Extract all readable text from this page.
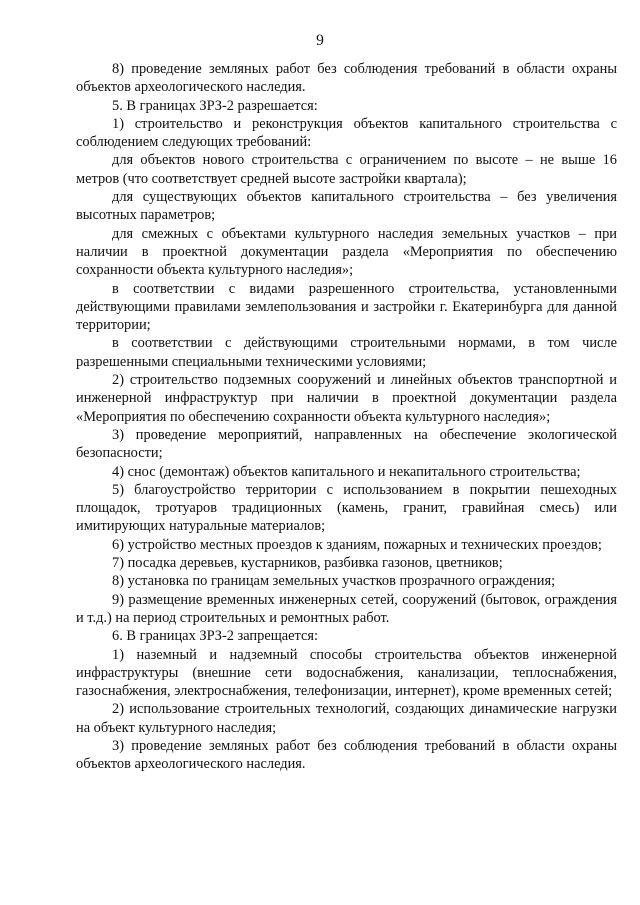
9

8) проведение земляных работ без соблюдения требований в области охраны объектов археологического наследия.

5. В границах ЗРЗ-2 разрешается:

1) строительство и реконструкция объектов капитального строительства с соблюдением следующих требований:

для объектов нового строительства с ограничением по высоте – не выше 16 метров (что соответствует средней высоте застройки квартала);

для существующих объектов капитального строительства – без увеличения высотных параметров;

для смежных с объектами культурного наследия земельных участков – при наличии в проектной документации раздела «Мероприятия по обеспечению сохранности объекта культурного наследия»;

в соответствии с видами разрешенного строительства, установленными действующими правилами землепользования и застройки г. Екатеринбурга для данной территории;

в соответствии с действующими строительными нормами, в том числе разрешенными специальными техническими условиями;

2) строительство подземных сооружений и линейных объектов транспортной и инженерной инфраструктур при наличии в проектной документации раздела «Мероприятия по обеспечению сохранности объекта культурного наследия»;

3) проведение мероприятий, направленных на обеспечение экологической безопасности;

4) снос (демонтаж) объектов капитального и некапитального строительства;

5) благоустройство территории с использованием в покрытии пешеходных площадок, тротуаров традиционных (камень, гранит, гравийная смесь) или имитирующих натуральные материалов;

6) устройство местных проездов к зданиям, пожарных и технических проездов;

7) посадка деревьев, кустарников, разбивка газонов, цветников;

8) установка по границам земельных участков прозрачного ограждения;

9) размещение временных инженерных сетей, сооружений (бытовок, ограждения и т.д.) на период строительных и ремонтных работ.

6. В границах ЗРЗ-2 запрещается:

1) наземный и надземный способы строительства объектов инженерной инфраструктуры (внешние сети водоснабжения, канализации, теплоснабжения, газоснабжения, электроснабжения, телефонизации, интернет), кроме временных сетей;

2) использование строительных технологий, создающих динамические нагрузки на объект культурного наследия;

3) проведение земляных работ без соблюдения требований в области охраны объектов археологического наследия.
